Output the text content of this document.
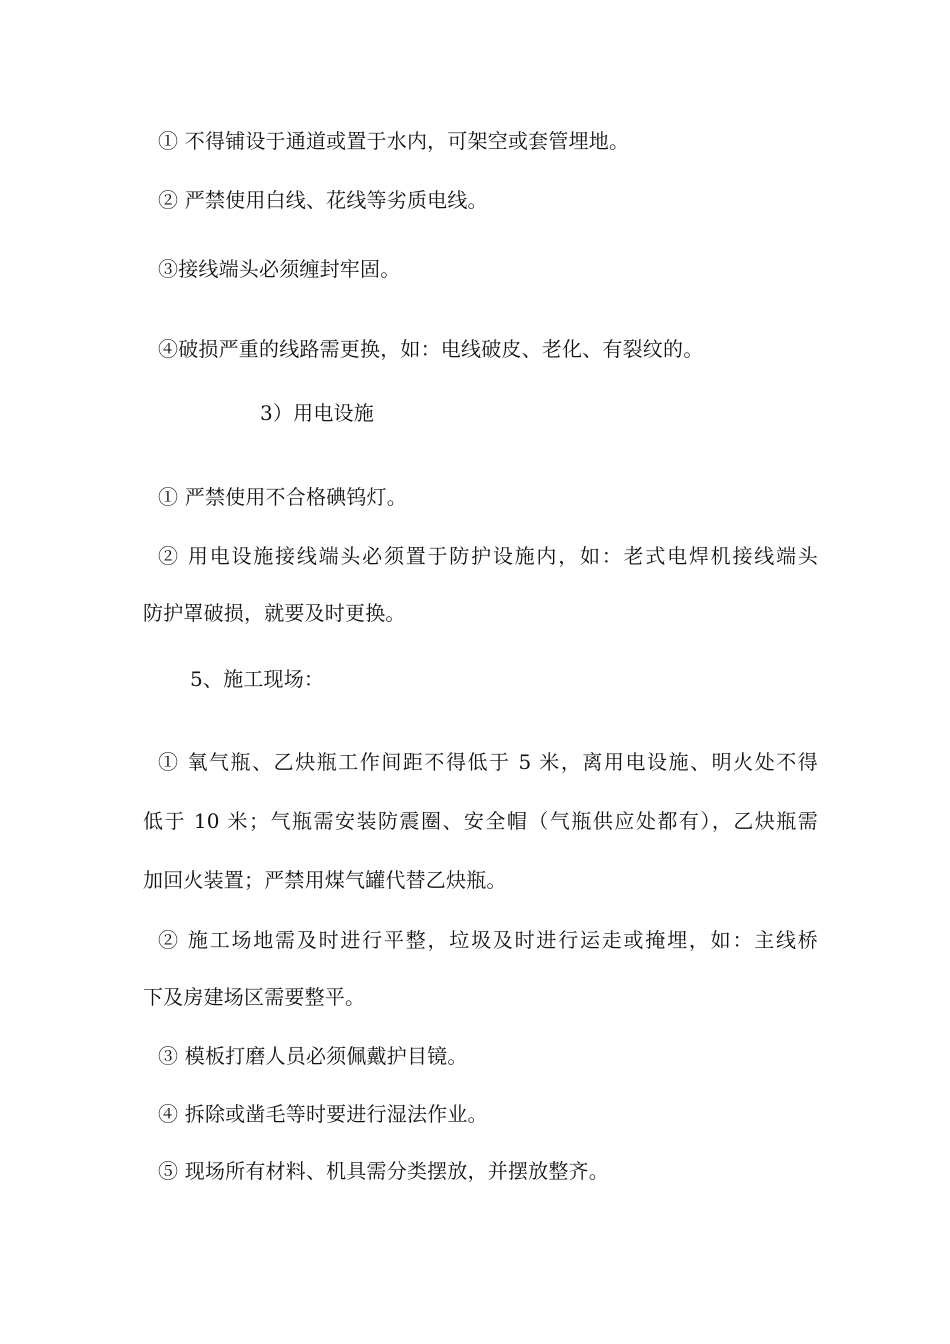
① 不得铺设于通道或置于水内，可架空或套管埋地。
② 严禁使用白线、花线等劣质电线。
③接线端头必须缠封牢固。
④破损严重的线路需更换，如：电线破皮、老化、有裂纹的。
3）用电设施
① 严禁使用不合格碘钨灯。
② 用电设施接线端头必须置于防护设施内，如：老式电焊机接线端头
防护罩破损，就要及时更换。
5、施工现场：
① 氧气瓶、乙炔瓶工作间距不得低于 5 米，离用电设施、明火处不得
低于 10 米；气瓶需安装防震圈、安全帽（气瓶供应处都有），乙炔瓶需
加回火装置；严禁用煤气罐代替乙炔瓶。
② 施工场地需及时进行平整，垃圾及时进行运走或掩埋，如：主线桥
下及房建场区需要整平。
③ 模板打磨人员必须佩戴护目镜。
④ 拆除或凿毛等时要进行湿法作业。
⑤ 现场所有材料、机具需分类摆放，并摆放整齐。
